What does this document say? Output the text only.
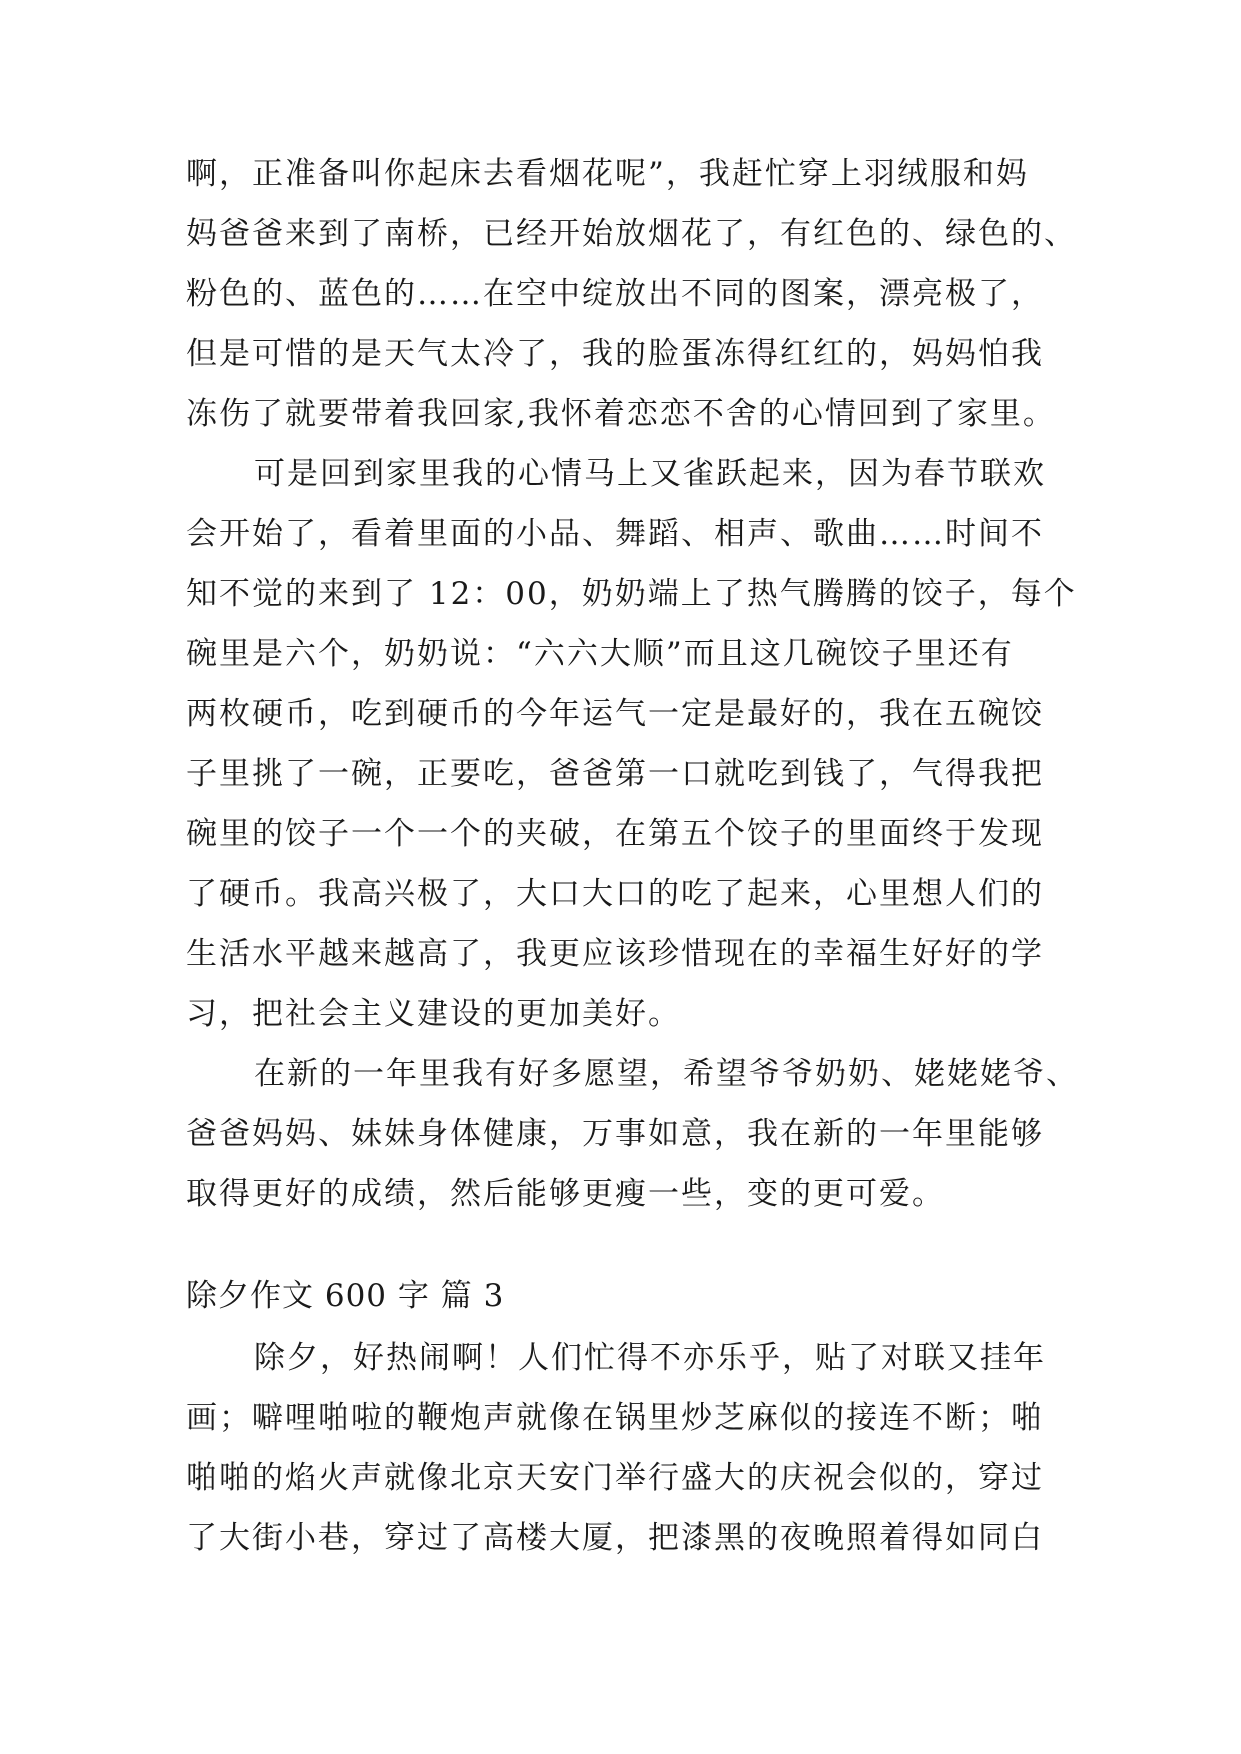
啊，正准备叫你起床去看烟花呢”，我赶忙穿上羽绒服和妈
妈爸爸来到了南桥，已经开始放烟花了，有红色的、绿色的、
粉色的、蓝色的……在空中绽放出不同的图案，漂亮极了，
但是可惜的是天气太冷了，我的脸蛋冻得红红的，妈妈怕我
冻伤了就要带着我回家,我怀着恋恋不舍的心情回到了家里。
可是回到家里我的心情马上又雀跃起来，因为春节联欢
会开始了，看着里面的小品、舞蹈、相声、歌曲……时间不
知不觉的来到了 12：00，奶奶端上了热气腾腾的饺子，每个
碗里是六个，奶奶说：“六六大顺”而且这几碗饺子里还有
两枚硬币，吃到硬币的今年运气一定是最好的，我在五碗饺
子里挑了一碗，正要吃，爸爸第一口就吃到钱了，气得我把
碗里的饺子一个一个的夹破，在第五个饺子的里面终于发现
了硬币。我高兴极了，大口大口的吃了起来，心里想人们的
生活水平越来越高了，我更应该珍惜现在的幸福生好好的学
习，把社会主义建设的更加美好。
在新的一年里我有好多愿望，希望爷爷奶奶、姥姥姥爷、
爸爸妈妈、妹妹身体健康，万事如意，我在新的一年里能够
取得更好的成绩，然后能够更瘦一些，变的更可爱。
除夕作文 600 字 篇 3
除夕，好热闹啊！人们忙得不亦乐乎，贴了对联又挂年
画；噼哩啪啦的鞭炮声就像在锅里炒芝麻似的接连不断；啪
啪啪的焰火声就像北京天安门举行盛大的庆祝会似的，穿过
了大街小巷，穿过了高楼大厦，把漆黑的夜晚照着得如同白
